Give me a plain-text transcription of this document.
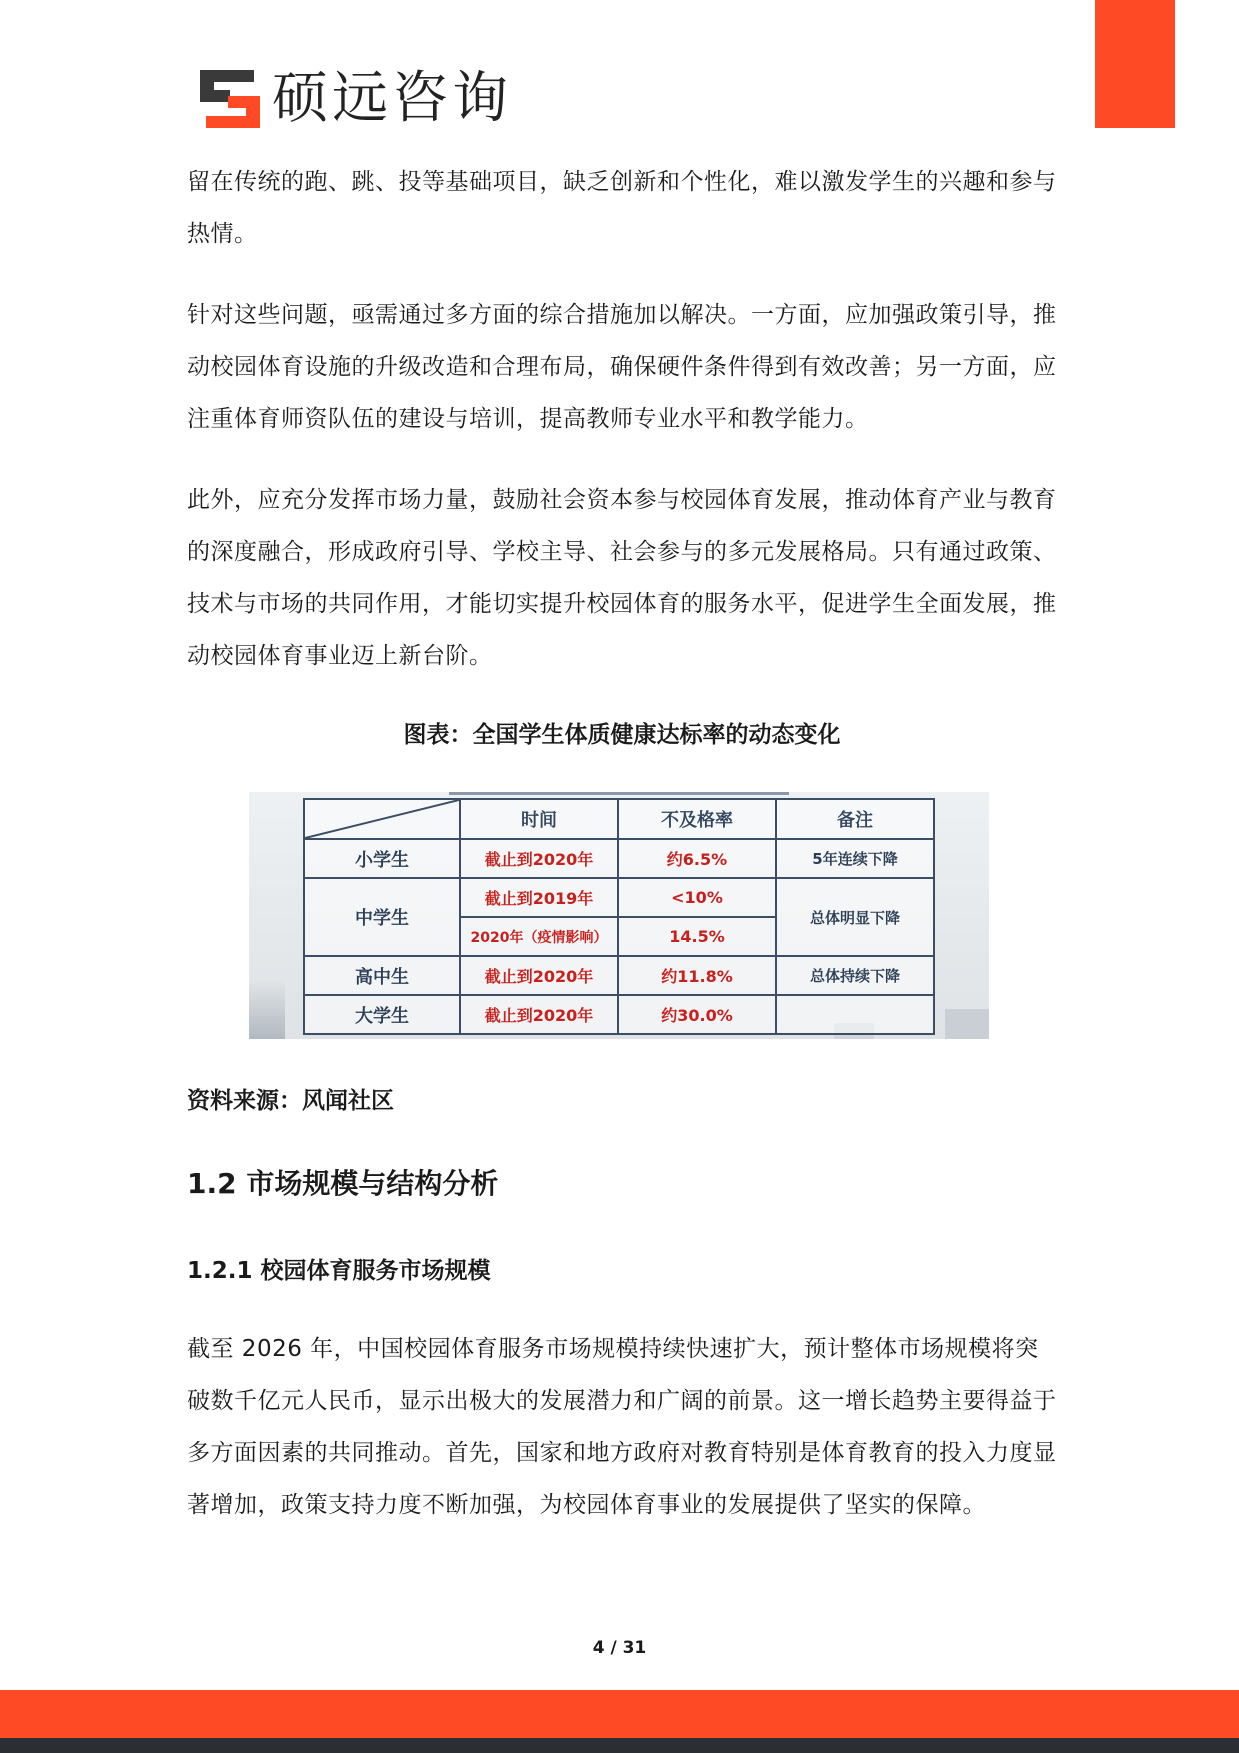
硕远咨询

留在传统的跑、跳、投等基础项目，缺乏创新和个性化，难以激发学生的兴趣和参与热情。

针对这些问题，亟需通过多方面的综合措施加以解决。一方面，应加强政策引导，推动校园体育设施的升级改造和合理布局，确保硬件条件得到有效改善；另一方面，应注重体育师资队伍的建设与培训，提高教师专业水平和教学能力。

此外，应充分发挥市场力量，鼓励社会资本参与校园体育发展，推动体育产业与教育的深度融合，形成政府引导、学校主导、社会参与的多元发展格局。只有通过政策、技术与市场的共同作用，才能切实提升校园体育的服务水平，促进学生全面发展，推动校园体育事业迈上新台阶。

图表：全国学生体质健康达标率的动态变化

	时间	不及格率	备注
小学生	截止到2020年	约6.5%	5年连续下降
中学生	截止到2019年	<10%	总体明显下降
	2020年（疫情影响）	14.5%	
高中生	截止到2020年	约11.8%	总体持续下降
大学生	截止到2020年	约30.0%	

资料来源：风闻社区

1.2 市场规模与结构分析
1.2.1 校园体育服务市场规模

截至 2026 年，中国校园体育服务市场规模持续快速扩大，预计整体市场规模将突破数千亿元人民币，显示出极大的发展潜力和广阔的前景。这一增长趋势主要得益于多方面因素的共同推动。首先，国家和地方政府对教育特别是体育教育的投入力度显著增加，政策支持力度不断加强，为校园体育事业的发展提供了坚实的保障。

4 / 31
